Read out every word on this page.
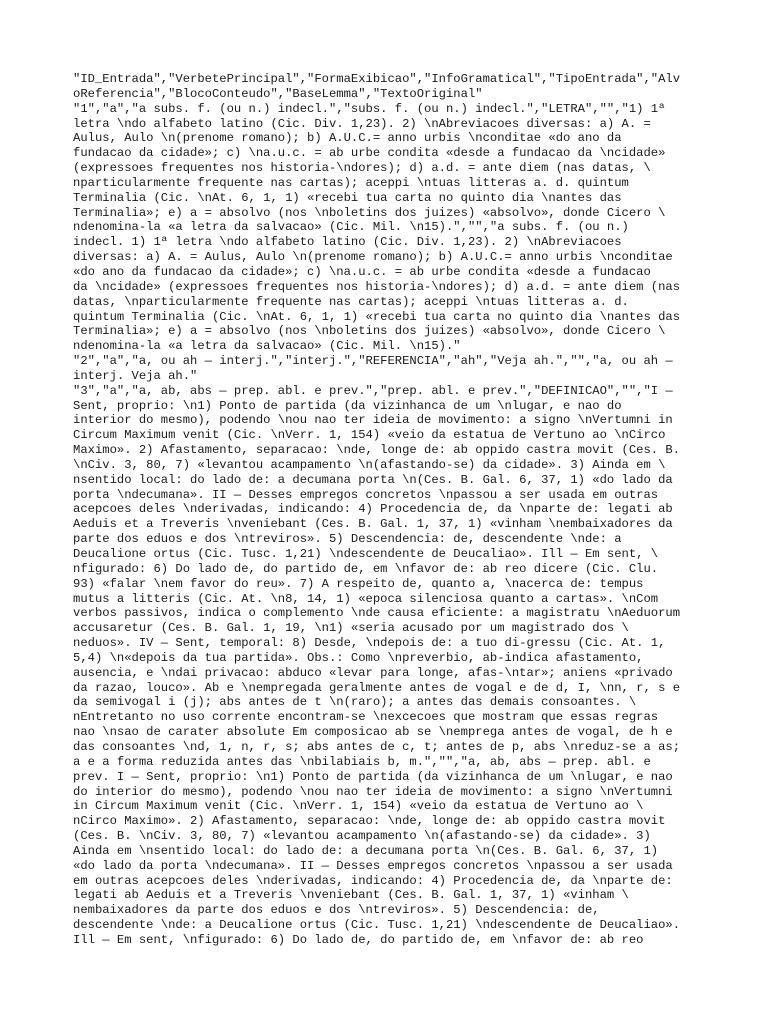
"ID_Entrada","VerbetePrincipal","FormaExibicao","InfoGramatical","TipoEntrada","Alv
oReferencia","BlocoConteudo","BaseLemma","TextoOriginal"
"1","a","a subs. f. (ou n.) indecl.","subs. f. (ou n.) indecl.","LETRA","","1) 1ª
letra \ndo alfabeto latino (Cic. Div. 1,23). 2) \nAbreviacoes diversas: a) A. =
Aulus, Aulo \n(prenome romano); b) A.U.C.= anno urbis \nconditae «do ano da
fundacao da cidade»; c) \na.u.c. = ab urbe condita «desde a fundacao da \ncidade»
(expressoes frequentes nos historia-\ndores); d) a.d. = ante diem (nas datas, \
nparticularmente frequente nas cartas); aceppi \ntuas litteras a. d. quintum
Terminalia (Cic. \nAt. 6, 1, 1) «recebi tua carta no quinto dia \nantes das
Terminalia»; e) a = absolvo (nos \nboletins dos juizes) «absolvo», donde Cicero \
ndenomina-la «a letra da salvacao» (Cic. Mil. \n15).","","a subs. f. (ou n.)
indecl. 1) 1ª letra \ndo alfabeto latino (Cic. Div. 1,23). 2) \nAbreviacoes
diversas: a) A. = Aulus, Aulo \n(prenome romano); b) A.U.C.= anno urbis \nconditae
«do ano da fundacao da cidade»; c) \na.u.c. = ab urbe condita «desde a fundacao
da \ncidade» (expressoes frequentes nos historia-\ndores); d) a.d. = ante diem (nas
datas, \nparticularmente frequente nas cartas); aceppi \ntuas litteras a. d.
quintum Terminalia (Cic. \nAt. 6, 1, 1) «recebi tua carta no quinto dia \nantes das
Terminalia»; e) a = absolvo (nos \nboletins dos juizes) «absolvo», donde Cicero \
ndenomina-la «a letra da salvacao» (Cic. Mil. \n15)."
"2","a","a, ou ah — interj.","interj.","REFERENCIA","ah","Veja ah.","","a, ou ah —
interj. Veja ah."
"3","a","a, ab, abs — prep. abl. e prev.","prep. abl. e prev.","DEFINICAO","","I —
Sent, proprio: \n1) Ponto de partida (da vizinhanca de um \nlugar, e nao do
interior do mesmo), podendo \nou nao ter ideia de movimento: a signo \nVertumni in
Circum Maximum venit (Cic. \nVerr. 1, 154) «veio da estatua de Vertuno ao \nCirco
Maximo». 2) Afastamento, separacao: \nde, longe de: ab oppido castra movit (Ces. B.
\nCiv. 3, 80, 7) «levantou acampamento \n(afastando-se) da cidade». 3) Ainda em \
nsentido local: do lado de: a decumana porta \n(Ces. B. Gal. 6, 37, 1) «do lado da
porta \ndecumana». II — Desses empregos concretos \npassou a ser usada em outras
acepcoes deles \nderivadas, indicando: 4) Procedencia de, da \nparte de: legati ab
Aeduis et a Treveris \nveniebant (Ces. B. Gal. 1, 37, 1) «vinham \nembaixadores da
parte dos eduos e dos \ntreviros». 5) Descendencia: de, descendente \nde: a
Deucalione ortus (Cic. Tusc. 1,21) \ndescendente de Deucaliao». Ill — Em sent, \
nfigurado: 6) Do lado de, do partido de, em \nfavor de: ab reo dicere (Cic. Clu.
93) «falar \nem favor do reu». 7) A respeito de, quanto a, \nacerca de: tempus
mutus a litteris (Cic. At. \n8, 14, 1) «epoca silenciosa quanto a cartas». \nCom
verbos passivos, indica o complemento \nde causa eficiente: a magistratu \nAeduorum
accusaretur (Ces. B. Gal. 1, 19, \n1) «seria acusado por um magistrado dos \
neduos». IV — Sent, temporal: 8) Desde, \ndepois de: a tuo di-gressu (Cic. At. 1,
5,4) \n«depois da tua partida». Obs.: Como \npreverbio, ab-indica afastamento,
ausencia, e \ndai privacao: abduco «levar para longe, afas-\ntar»; aniens «privado
da razao, louco». Ab e \nempregada geralmente antes de vogal e de d, I, \nn, r, s e
da semivogal i (j); abs antes de t \n(raro); a antes das demais consoantes. \
nEntretanto no uso corrente encontram-se \nexcecoes que mostram que essas regras
nao \nsao de carater absolute Em composicao ab se \nemprega antes de vogal, de h e
das consoantes \nd, 1, n, r, s; abs antes de c, t; antes de p, abs \nreduz-se a as;
a e a forma reduzida antes das \nbilabiais b, m.","","a, ab, abs — prep. abl. e
prev. I — Sent, proprio: \n1) Ponto de partida (da vizinhanca de um \nlugar, e nao
do interior do mesmo), podendo \nou nao ter ideia de movimento: a signo \nVertumni
in Circum Maximum venit (Cic. \nVerr. 1, 154) «veio da estatua de Vertuno ao \
nCirco Maximo». 2) Afastamento, separacao: \nde, longe de: ab oppido castra movit
(Ces. B. \nCiv. 3, 80, 7) «levantou acampamento \n(afastando-se) da cidade». 3)
Ainda em \nsentido local: do lado de: a decumana porta \n(Ces. B. Gal. 6, 37, 1)
«do lado da porta \ndecumana». II — Desses empregos concretos \npassou a ser usada
em outras acepcoes deles \nderivadas, indicando: 4) Procedencia de, da \nparte de:
legati ab Aeduis et a Treveris \nveniebant (Ces. B. Gal. 1, 37, 1) «vinham \
nembaixadores da parte dos eduos e dos \ntreviros». 5) Descendencia: de,
descendente \nde: a Deucalione ortus (Cic. Tusc. 1,21) \ndescendente de Deucaliao».
Ill — Em sent, \nfigurado: 6) Do lado de, do partido de, em \nfavor de: ab reo
